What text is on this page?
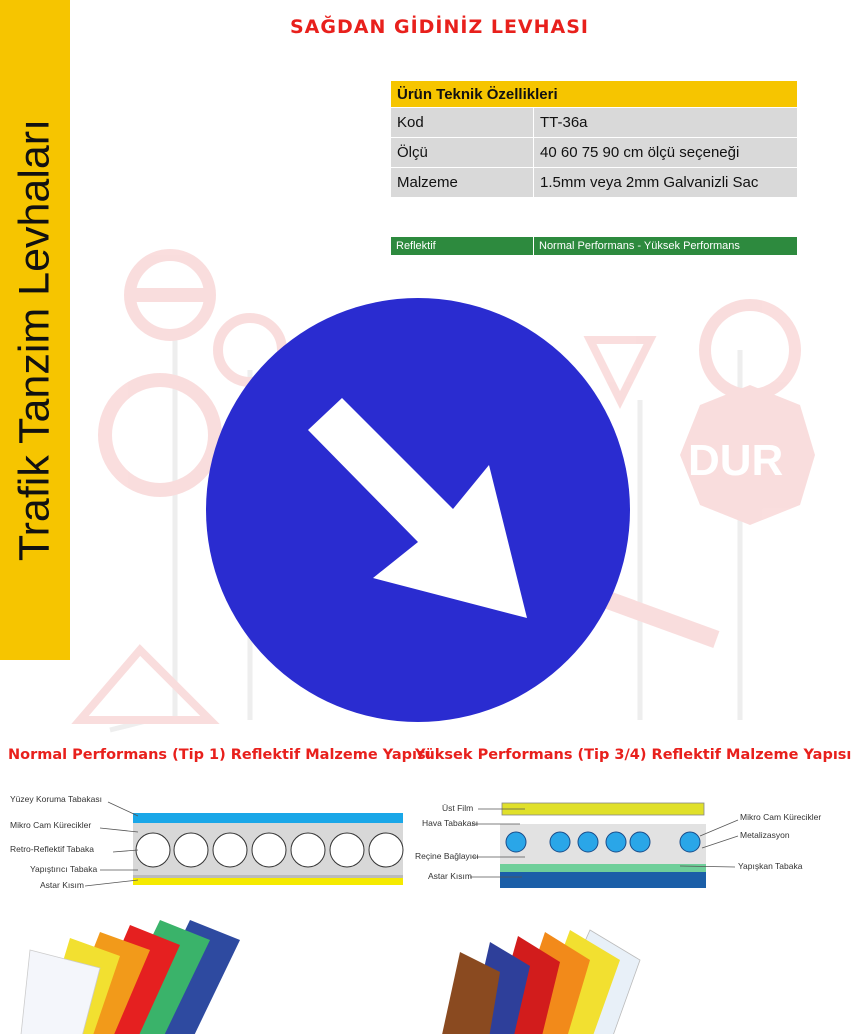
Trafik Tanzim Levhaları
SAĞDAN GİDİNİZ LEVHASI
Ürün Teknik Özellikleri	
Kod	TT-36a
Ölçü	40 60 75 90 cm ölçü seçeneği
Malzeme	1.5mm veya 2mm Galvanizli Sac
Reflektif	Normal Performans - Yüksek Performans
DUR
Normal Performans (Tip 1) Reflektif Malzeme Yapısı
Yüksek Performans (Tip 3/4) Reflektif Malzeme Yapısı
Yüzey Koruma Tabakası
Mikro Cam Kürecikler
Retro-Reflektif Tabaka
Yapıştırıcı Tabaka
Astar Kısım
Üst Film
Hava Tabakası
Reçine Bağlayıcı
Astar Kısım
Mikro Cam Kürecikler
Metalizasyon
Yapışkan Tabaka
